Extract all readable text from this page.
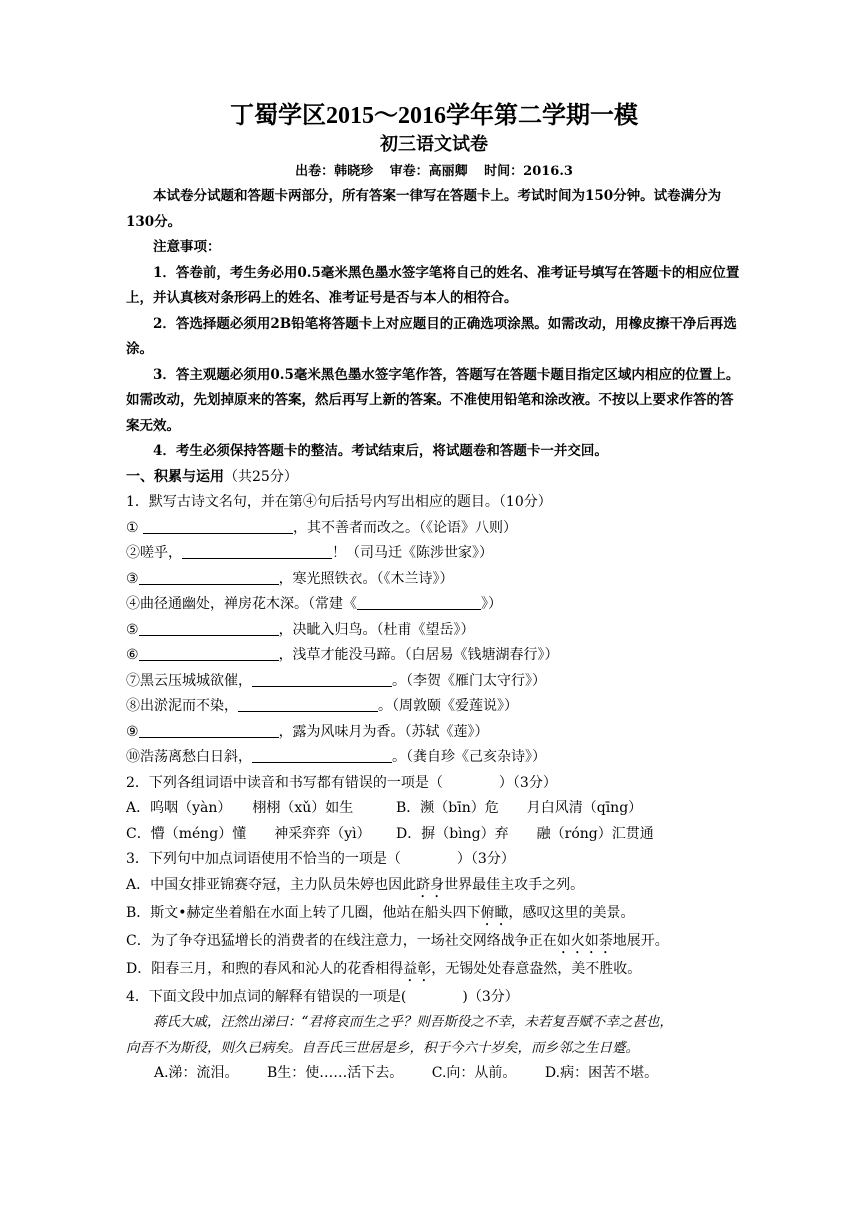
丁蜀学区2015～2016学年第二学期一模
初三语文试卷

出卷：韩晓珍 审卷：高丽卿 时间：2016.3

本试卷分试题和答题卡两部分，所有答案一律写在答题卡上。考试时间为150分钟。试卷满分为130分。

注意事项：

1．答卷前，考生务必用0.5毫米黑色墨水签字笔将自己的姓名、准考证号填写在答题卡的相应位置上，并认真核对条形码上的姓名、准考证号是否与本人的相符合。

2．答选择题必须用2B铅笔将答题卡上对应题目的正确选项涂黑。如需改动，用橡皮擦干净后再选涂。

3．答主观题必须用0.5毫米黑色墨水签字笔作答，答题写在答题卡题目指定区域内相应的位置上。如需改动，先划掉原来的答案，然后再写上新的答案。不准使用铅笔和涂改液。不按以上要求作答的答案无效。

4．考生必须保持答题卡的整洁。考试结束后，将试题卷和答题卡一并交回。

一、积累与运用（共25分）

1．默写古诗文名句，并在第④句后括号内写出相应的题目。（10分）

①	，其不善者而改之。（《论语》八则）

②嗟乎，	！（司马迁《陈涉世家》）

③	，寒光照铁衣。（《木兰诗》）

④曲径通幽处，禅房花木深。（常建《	》）

⑤	，决眦入归鸟。（杜甫《望岳》）

⑥	，浅草才能没马蹄。（白居易《钱塘湖春行》）

⑦黑云压城城欲催，	。（李贺《雁门太守行》）

⑧出淤泥而不染，	。（周敦颐《爱莲说》）

⑨	，露为风味月为香。（苏轼《莲》）

⑩浩荡离愁白日斜，	。（龚自珍《己亥杂诗》）

2．下列各组词语中读音和书写都有错误的一项是（　　　　）（3分）

A．呜咽（yàn）　　栩栩（xǔ）如生	B．濒（bīn）危　　月白风清（qīng）

C．懵（méng）懂　　神采弈弈（yì） D．摒（bìng）弃　　融（róng）汇贯通

3．下列句中加点词语使用不恰当的一项是（　　　　）（3分）

A．中国女排亚锦赛夺冠，主力队员朱婷也因此跻身世界最佳主攻手之列。

B．斯文•赫定坐着船在水面上转了几圈，他站在船头四下俯瞰，感叹这里的美景。

C．为了争夺迅猛增长的消费者的在线注意力，一场社交网络战争正在如火如荼地展开。

D．阳春三月，和煦的春风和沁人的花香相得益彰，无锡处处春意盎然，美不胜收。

4．下面文段中加点词的解释有错误的一项是(　　　　)（3分）

蒋氏大戚，汪然出涕曰：“君将哀而生之乎？则吾斯役之不幸，未若复吾赋不幸之甚也，

向吾不为斯役，则久已病矣。自吾氏三世居是乡，积于今六十岁矣，而乡邻之生日蹙。

A.涕：流泪。 B生：使……活下去。 C.向：从前。 D.病：困苦不堪。
